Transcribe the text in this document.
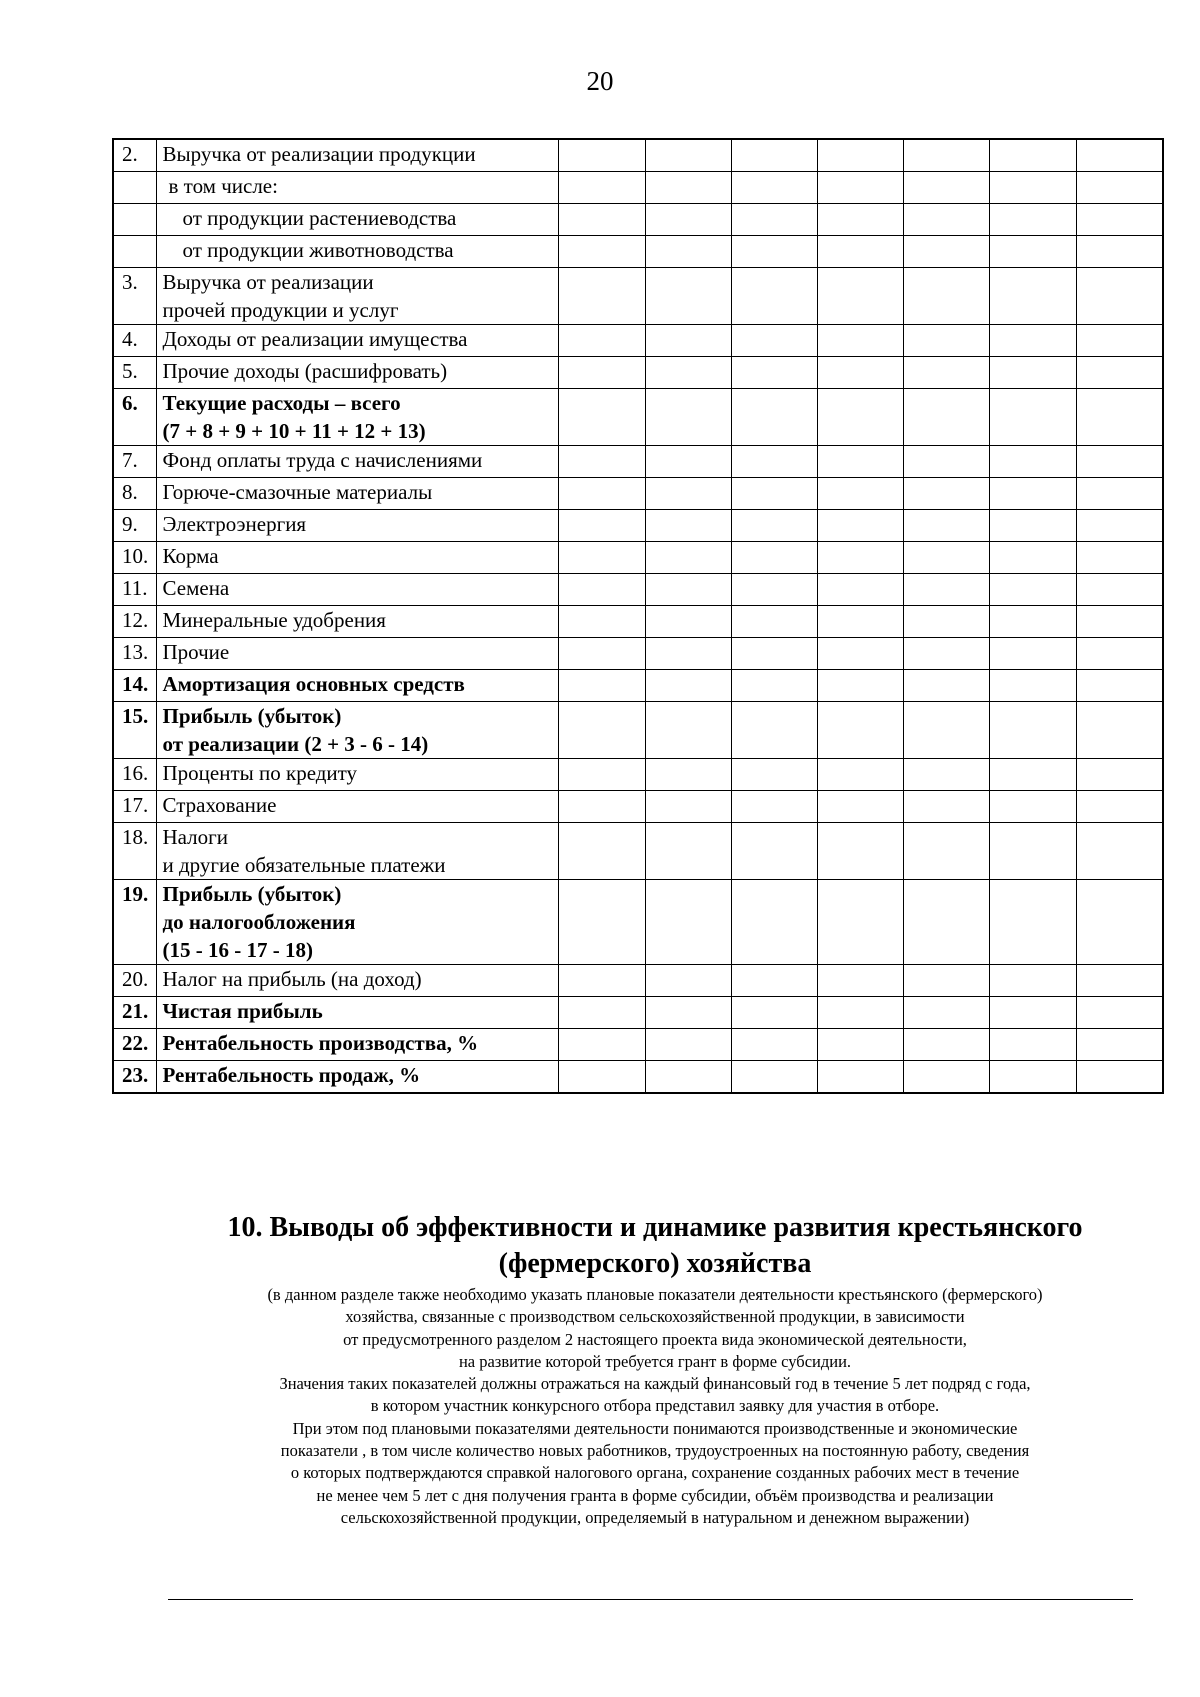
20
2.	Выручка от реализации продукции							

	в том числе:							

	от продукции растениеводства							

	от продукции животноводства							

3.	Выручка от реализации
прочей продукции и услуг							

4.	Доходы от реализации имущества							

5.	Прочие доходы (расшифровать)							

6.	Текущие расходы – всего
(7 + 8 + 9 + 10 + 11 + 12 + 13)							

7.	Фонд оплаты труда с начислениями							

8.	Горюче-смазочные материалы							

9.	Электроэнергия							

10.	Корма							

11.	Семена							

12.	Минеральные удобрения							

13.	Прочие							

14.	Амортизация основных средств							

15.	Прибыль (убыток)
от реализации (2 + 3 - 6 - 14)							

16.	Проценты по кредиту							

17.	Страхование							

18.	Налоги
и другие обязательные платежи							

19.	Прибыль (убыток)
до налогообложения
(15 - 16 - 17 - 18)							

20.	Налог на прибыль (на доход)							

21.	Чистая прибыль							

22.	Рентабельность производства, %							

23.	Рентабельность продаж, %							

10. Выводы об эффективности и динамике развития крестьянского
(фермерского) хозяйства
(в данном разделе также необходимо указать плановые показатели деятельности крестьянского (фермерского)
хозяйства, связанные с производством сельскохозяйственной продукции, в зависимости
от предусмотренного разделом 2 настоящего проекта вида экономической деятельности,
на развитие которой требуется грант в форме субсидии.
Значения таких показателей должны отражаться на каждый финансовый год в течение 5 лет подряд с года,
в котором участник конкурсного отбора представил заявку для участия в отборе.
При этом под плановыми показателями деятельности понимаются производственные и экономические
показатели , в том числе количество новых работников, трудоустроенных на постоянную работу, сведения
о которых подтверждаются справкой налогового органа, сохранение созданных рабочих мест в течение
не менее чем 5 лет с дня получения гранта в форме субсидии, объём производства и реализации
сельскохозяйственной продукции, определяемый в натуральном и денежном выражении)
